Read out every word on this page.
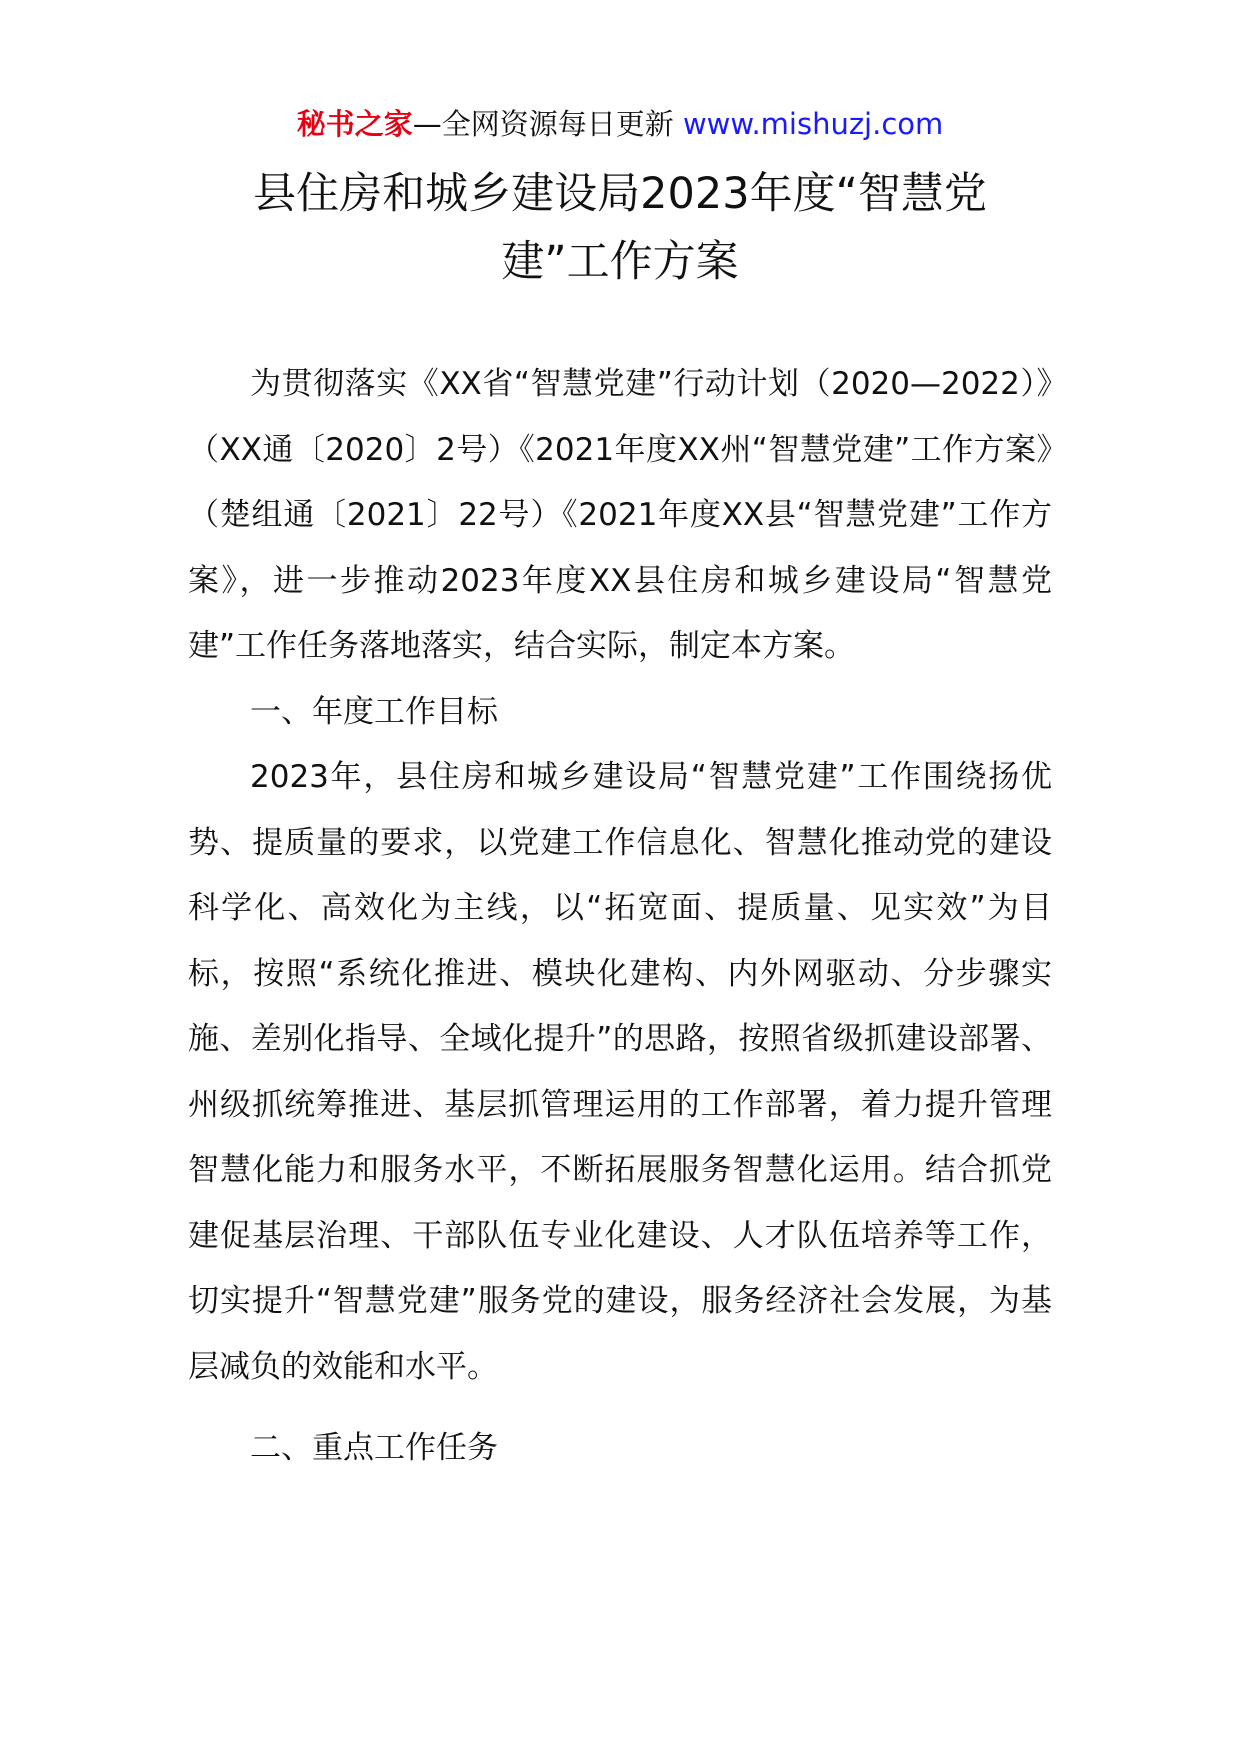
秘书之家—全网资源每日更新 www.mishuzj.com
县住房和城乡建设局2023年度“智慧党建”工作方案

为贯彻落实《XX省“智慧党建”行动计划（2020—2022）》（XX通〔2020〕2号）《2021年度XX州“智慧党建”工作方案》（楚组通〔2021〕22号）《2021年度XX县“智慧党建”工作方案》，进一步推动2023年度XX县住房和城乡建设局“智慧党建”工作任务落地落实，结合实际，制定本方案。

一、年度工作目标

2023年，县住房和城乡建设局“智慧党建”工作围绕扬优势、提质量的要求，以党建工作信息化、智慧化推动党的建设科学化、高效化为主线，以“拓宽面、提质量、见实效”为目标，按照“系统化推进、模块化建构、内外网驱动、分步骤实施、差别化指导、全域化提升”的思路，按照省级抓建设部署、州级抓统筹推进、基层抓管理运用的工作部署，着力提升管理智慧化能力和服务水平，不断拓展服务智慧化运用。结合抓党建促基层治理、干部队伍专业化建设、人才队伍培养等工作，切实提升“智慧党建”服务党的建设，服务经济社会发展，为基层减负的效能和水平。

二、重点工作任务
